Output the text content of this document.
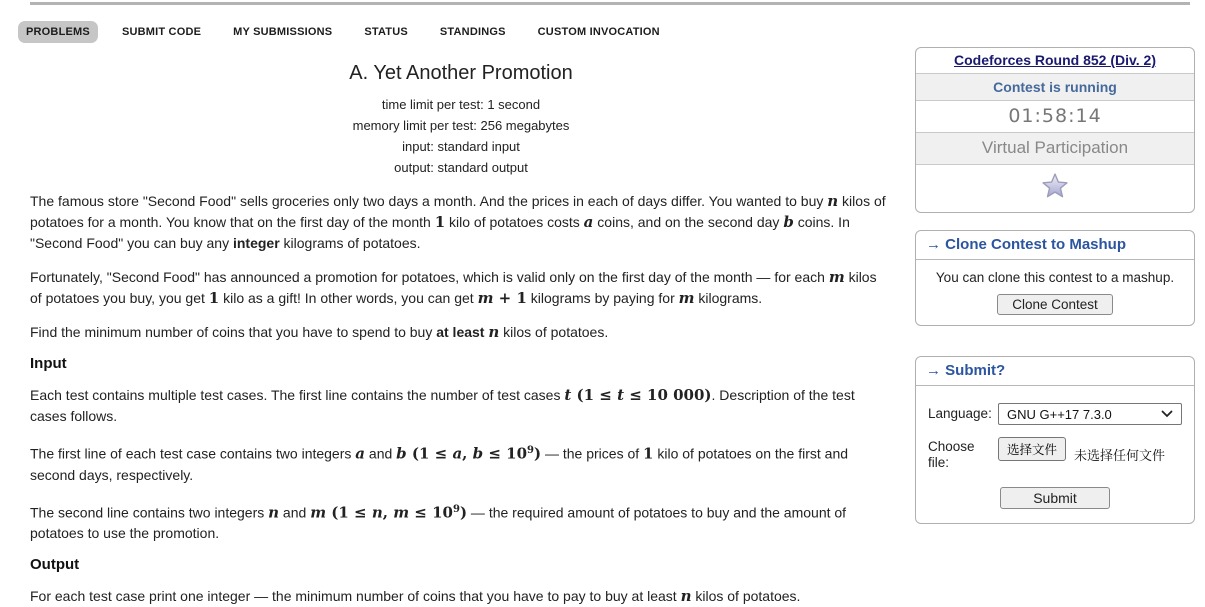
PROBLEMS	SUBMIT CODE	MY SUBMISSIONS	STATUS	STANDINGS	CUSTOM INVOCATION
A. Yet Another Promotion
time limit per test: 1 second
memory limit per test: 256 megabytes
input: standard input
output: standard output

The famous store "Second Food" sells groceries only two days a month. And the prices in each of days differ. You wanted to buy n kilos of potatoes for a month. You know that on the first day of the month 1 kilo of potatoes costs a coins, and on the second day b coins. In "Second Food" you can buy any integer kilograms of potatoes.

Fortunately, "Second Food" has announced a promotion for potatoes, which is valid only on the first day of the month — for each m kilos of potatoes you buy, you get 1 kilo as a gift! In other words, you can get m + 1 kilograms by paying for m kilograms.

Find the minimum number of coins that you have to spend to buy at least n kilos of potatoes.

Input

Each test contains multiple test cases. The first line contains the number of test cases t (1 ≤ t ≤ 10 000). Description of the test cases follows.

The first line of each test case contains two integers a and b (1 ≤ a, $b \le 10^9$) — the prices of 1 kilo of potatoes on the first and second days, respectively.

The second line contains two integers n and m (1 ≤ n, $m \le 10^9$) — the required amount of potatoes to buy and the amount of potatoes to use the promotion.

Output

For each test case print one integer — the minimum number of coins that you have to pay to buy at least n kilos of potatoes.

Codeforces Round 852 (Div. 2)
Contest is running
01:58:14
Virtual Participation
→ Clone Contest to Mashup
You can clone this contest to a mashup.
Clone Contest
→ Submit?
Language:	GNU G++17 7.3.0
Choose file:
选择文件	未选择任何文件
Submit
